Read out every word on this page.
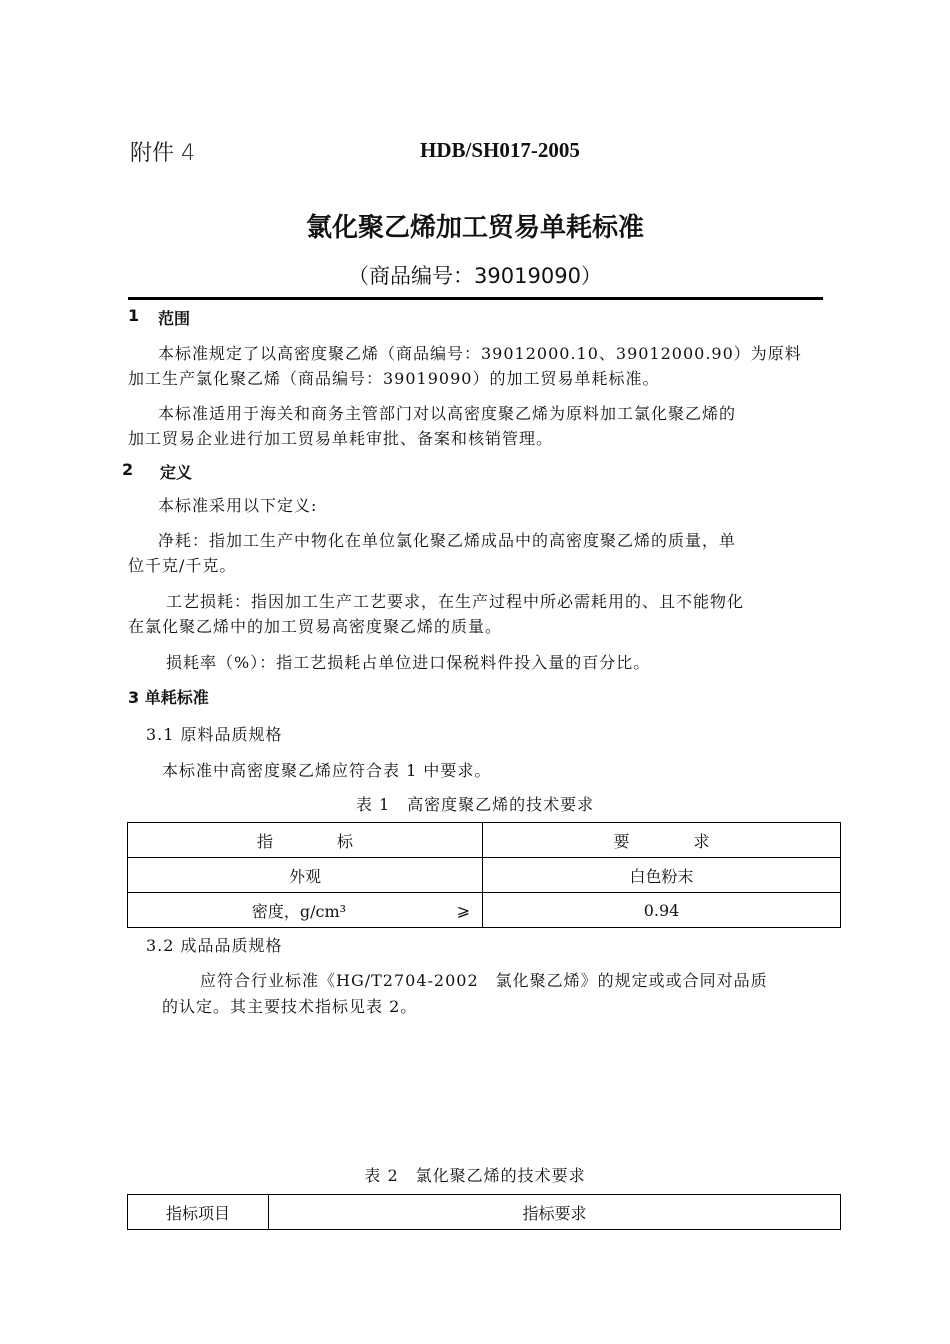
附件 4	HDB/SH017-2005
氯化聚乙烯加工贸易单耗标准
（商品编号：39019090）
1 范围
本标准规定了以高密度聚乙烯（商品编号：39012000.10、39012000.90）为原料
加工生产氯化聚乙烯（商品编号：39019090）的加工贸易单耗标准。
本标准适用于海关和商务主管部门对以高密度聚乙烯为原料加工氯化聚乙烯的
加工贸易企业进行加工贸易单耗审批、备案和核销管理。
2 定义
本标准采用以下定义:
净耗：指加工生产中物化在单位氯化聚乙烯成品中的高密度聚乙烯的质量，单
位千克/千克。
工艺损耗：指因加工生产工艺要求，在生产过程中所必需耗用的、且不能物化
在氯化聚乙烯中的加工贸易高密度聚乙烯的质量。
损耗率（%）：指工艺损耗占单位进口保税料件投入量的百分比。
3 单耗标准
3.1 原料品质规格
本标准中高密度聚乙烯应符合表 1 中要求。
表 1　高密度聚乙烯的技术要求
指　　　　标		要　　　　求
外观		白色粉末
密度，g/cm³	⩾	0.94
3.2 成品品质规格
应符合行业标准《HG/T2704-2002　氯化聚乙烯》的规定或或合同对品质
的认定。其主要技术指标见表 2。
表 2　氯化聚乙烯的技术要求
指标项目	指标要求
